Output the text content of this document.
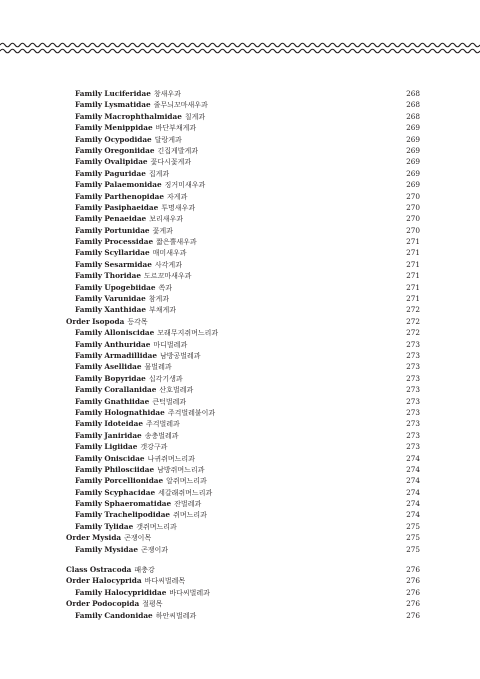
Family Luciferidae 창새우과	268
Family Lysmatidae 줄무늬꼬마새우과	268
Family Macrophthalmidae 칠게과	268
Family Menippidae 바단부채게과	269
Family Ocypodidae 달랑게과	269
Family Oregoniidae 긴집게발게과	269
Family Ovalipidae 꽃다시꽃게과	269
Family Paguridae 집게과	269
Family Palaemonidae 징거미새우과	269
Family Parthenopidae 자게과	270
Family Pasiphaeidae 투명새우과	270
Family Penaeidae 보리새우과	270
Family Portunidae 꽃게과	270
Family Processidae 짧은뿔새우과	271
Family Scyllaridae 매미새우과	271
Family Sesarmidae 사각게과	271
Family Thoridae 도르꼬마새우과	271
Family Upogebiidae 쏙과	271
Family Varunidae 참게과	271
Family Xanthidae 부채게과	272
Order Isopoda 등각목	272
Family Alloniscidae 모래무지쥐며느리과	272
Family Anthuridae 마디벌레과	273
Family Armadillidae 남방공벌레과	273
Family Asellidae 물벌레과	273
Family Bopyridae 십각기생과	273
Family Corallanidae 산호벌레과	273
Family Gnathiidae 큰턱벌레과	273
Family Holognathidae 주걱벌레붙이과	273
Family Idoteidae 주걱벌레과	273
Family Janiridae 송충벌레과	273
Family Ligiidae 갯강구과	273
Family Oniscidae 나귀쥐며느리과	274
Family Philosciidae 남방쥐며느리과	274
Family Porcellionidae 알쥐며느리과	274
Family Scyphacidae 세갈래쥐며느리과	274
Family Sphaeromatidae 잔벌레과	274
Family Trachelipodidae 쥐며느리과	274
Family Tylidae 갯쥐며느리과	275
Order Mysida 곤쟁이목	275
Family Mysidae 곤쟁이과	275
Class Ostracoda 패충강	276
Order Halocyprida 바다씨벌레목	276
Family Halocyprididae 바다씨벌레과	276
Order Podocopida 절평목	276
Family Candonidae 하안씨벌레과	276
